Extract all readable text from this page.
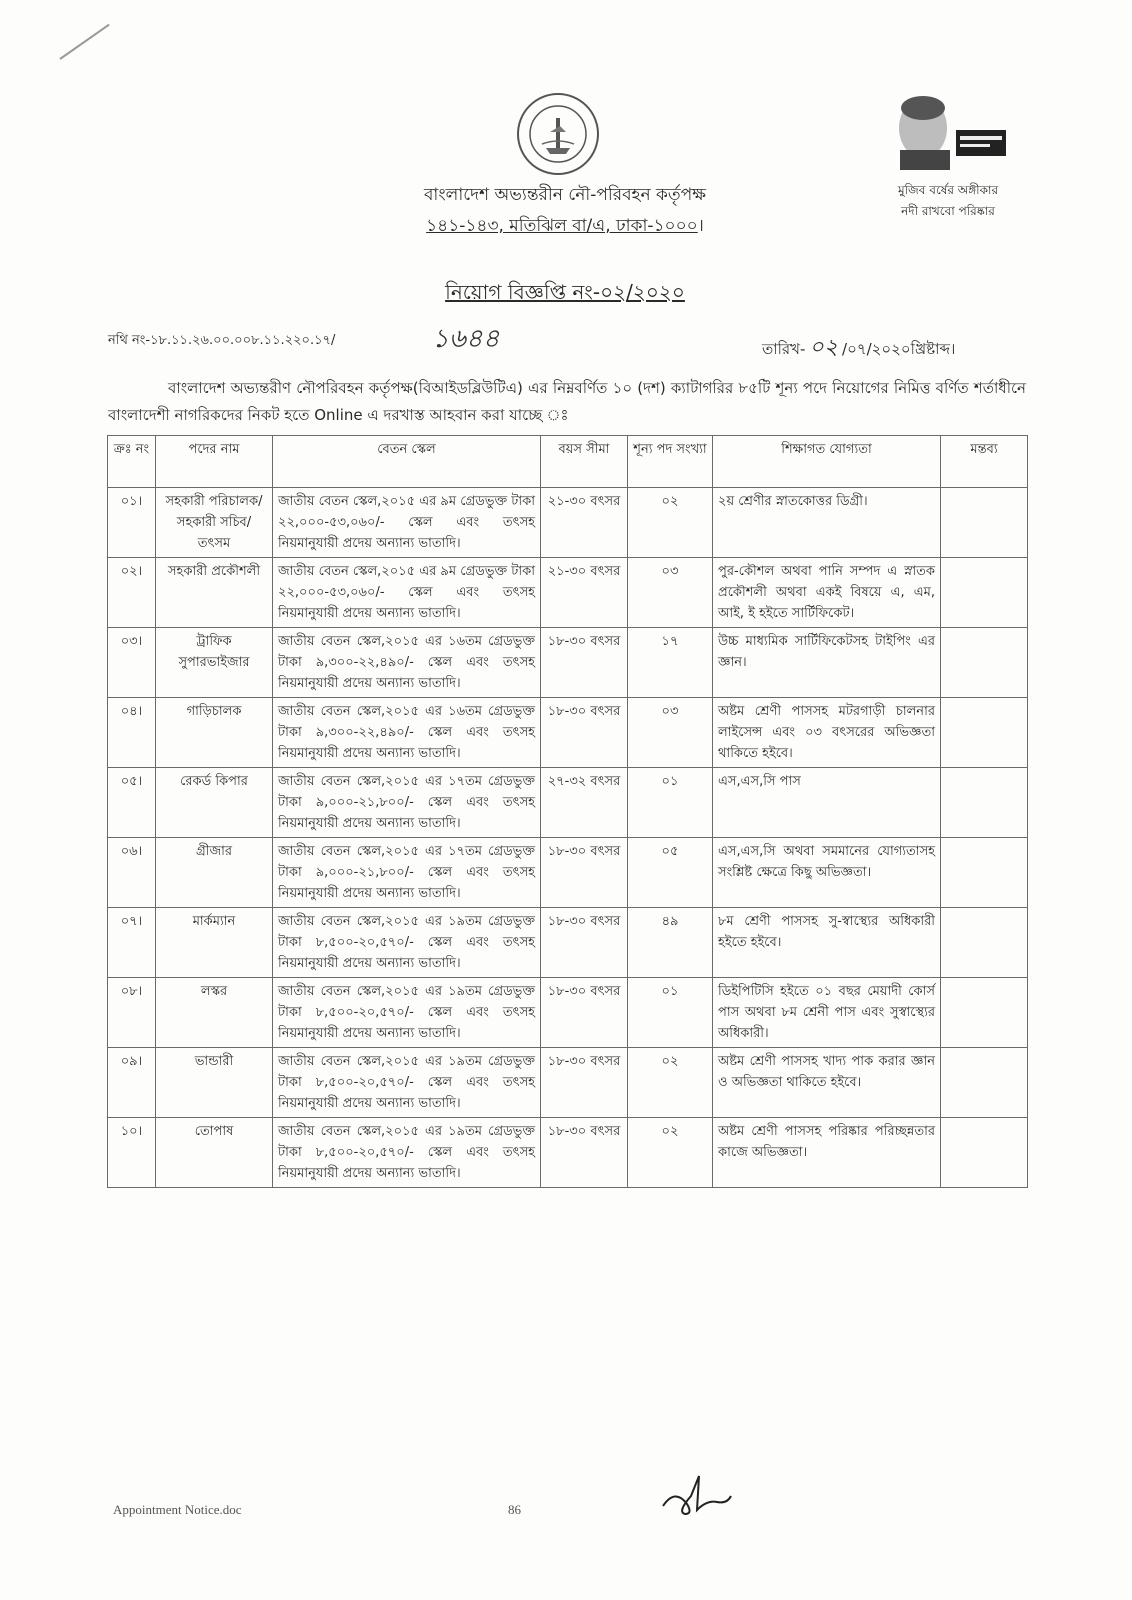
বাংলাদেশ অভ্যন্তরীন নৌ-পরিবহন কর্তৃপক্ষ
১৪১-১৪৩, মতিঝিল বা/এ, ঢাকা-১০০০।
মুজিব বর্ষের অঙ্গীকার
নদী রাখবো পরিষ্কার
নিয়োগ বিজ্ঞপ্তি নং-০২/২০২০
নথি নং-১৮.১১.২৬.০০.০০৮.১১.২২০.১৭/	১৬৪৪	তারিখ- ০২ /০৭/২০২০খ্রিষ্টাব্দ।
বাংলাদেশ অভ্যন্তরীণ নৌপরিবহন কর্তৃপক্ষ(বিআইডব্লিউটিএ) এর নিম্নবর্ণিত ১০ (দশ) ক্যাটাগরির ৮৫টি শূন্য পদে নিয়োগের নিমিত্ত বর্ণিত শর্তাধীনে বাংলাদেশী নাগরিকদের নিকট হতে Online এ দরখাস্ত আহবান করা যাচ্ছে ঃ
ক্রঃ নং	পদের নাম	বেতন স্কেল	বয়স সীমা	শূন্য পদ সংখ্যা	শিক্ষাগত যোগ্যতা	মন্তব্য
০১।	সহকারী পরিচালক/ সহকারী সচিব/তৎসম	জাতীয় বেতন স্কেল,২০১৫ এর ৯ম গ্রেডভুক্ত টাকা ২২,০০০-৫৩,০৬০/- স্কেল এবং তৎসহ নিয়মানুযায়ী প্রদেয় অন্যান্য ভাতাদি।	২১-৩০ বৎসর	০২	২য় শ্রেণীর স্নাতকোত্তর ডিগ্রী।	
০২।	সহকারী প্রকৌশলী	জাতীয় বেতন স্কেল,২০১৫ এর ৯ম গ্রেডভুক্ত টাকা ২২,০০০-৫৩,০৬০/- স্কেল এবং তৎসহ নিয়মানুযায়ী প্রদেয় অন্যান্য ভাতাদি।	২১-৩০ বৎসর	০৩	পুর-কৌশল অথবা পানি সম্পদ এ স্নাতক প্রকৌশলী অথবা একই বিষয়ে এ, এম, আই, ই হইতে সার্টিফিকেট।	
০৩।	ট্রাফিক সুপারভাইজার	জাতীয় বেতন স্কেল,২০১৫ এর ১৬তম গ্রেডভুক্ত টাকা ৯,৩০০-২২,৪৯০/- স্কেল এবং তৎসহ নিয়মানুযায়ী প্রদেয় অন্যান্য ভাতাদি।	১৮-৩০ বৎসর	১৭	উচ্চ মাধ্যমিক সার্টিফিকেটসহ টাইপিং এর জ্ঞান।	
০৪।	গাড়িচালক	জাতীয় বেতন স্কেল,২০১৫ এর ১৬তম গ্রেডভুক্ত টাকা ৯,৩০০-২২,৪৯০/- স্কেল এবং তৎসহ নিয়মানুযায়ী প্রদেয় অন্যান্য ভাতাদি।	১৮-৩০ বৎসর	০৩	অষ্টম শ্রেণী পাসসহ মটরগাড়ী চালনার লাইসেন্স এবং ০৩ বৎসরের অভিজ্ঞতা থাকিতে হইবে।	
০৫।	রেকর্ড কিপার	জাতীয় বেতন স্কেল,২০১৫ এর ১৭তম গ্রেডভুক্ত টাকা ৯,০০০-২১,৮০০/- স্কেল এবং তৎসহ নিয়মানুযায়ী প্রদেয় অন্যান্য ভাতাদি।	২৭-৩২ বৎসর	০১	এস,এস,সি পাস	
০৬।	গ্রীজার	জাতীয় বেতন স্কেল,২০১৫ এর ১৭তম গ্রেডভুক্ত টাকা ৯,০০০-২১,৮০০/- স্কেল এবং তৎসহ নিয়মানুযায়ী প্রদেয় অন্যান্য ভাতাদি।	১৮-৩০ বৎসর	০৫	এস,এস,সি অথবা সমমানের যোগ্যতাসহ সংশ্লিষ্ট ক্ষেত্রে কিছু অভিজ্ঞতা।	
০৭।	মার্কম্যান	জাতীয় বেতন স্কেল,২০১৫ এর ১৯তম গ্রেডভুক্ত টাকা ৮,৫০০-২০,৫৭০/- স্কেল এবং তৎসহ নিয়মানুযায়ী প্রদেয় অন্যান্য ভাতাদি।	১৮-৩০ বৎসর	৪৯	৮ম শ্রেণী পাসসহ সু-স্বাস্থ্যের অধিকারী হইতে হইবে।	
০৮।	লস্কর	জাতীয় বেতন স্কেল,২০১৫ এর ১৯তম গ্রেডভুক্ত টাকা ৮,৫০০-২০,৫৭০/- স্কেল এবং তৎসহ নিয়মানুযায়ী প্রদেয় অন্যান্য ভাতাদি।	১৮-৩০ বৎসর	০১	ডিইপিটিসি হইতে ০১ বছর মেয়াদী কোর্স পাস অথবা ৮ম শ্রেনী পাস এবং সুস্বাস্থ্যের অধিকারী।	
০৯।	ভান্ডারী	জাতীয় বেতন স্কেল,২০১৫ এর ১৯তম গ্রেডভুক্ত টাকা ৮,৫০০-২০,৫৭০/- স্কেল এবং তৎসহ নিয়মানুযায়ী প্রদেয় অন্যান্য ভাতাদি।	১৮-৩০ বৎসর	০২	অষ্টম শ্রেণী পাসসহ খাদ্য পাক করার জ্ঞান ও অভিজ্ঞতা থাকিতে হইবে।	
১০।	তোপাষ	জাতীয় বেতন স্কেল,২০১৫ এর ১৯তম গ্রেডভুক্ত টাকা ৮,৫০০-২০,৫৭০/- স্কেল এবং তৎসহ নিয়মানুযায়ী প্রদেয় অন্যান্য ভাতাদি।	১৮-৩০ বৎসর	০২	অষ্টম শ্রেণী পাসসহ পরিষ্কার পরিচ্ছন্নতার কাজে অভিজ্ঞতা।	
Appointment Notice.doc	86
